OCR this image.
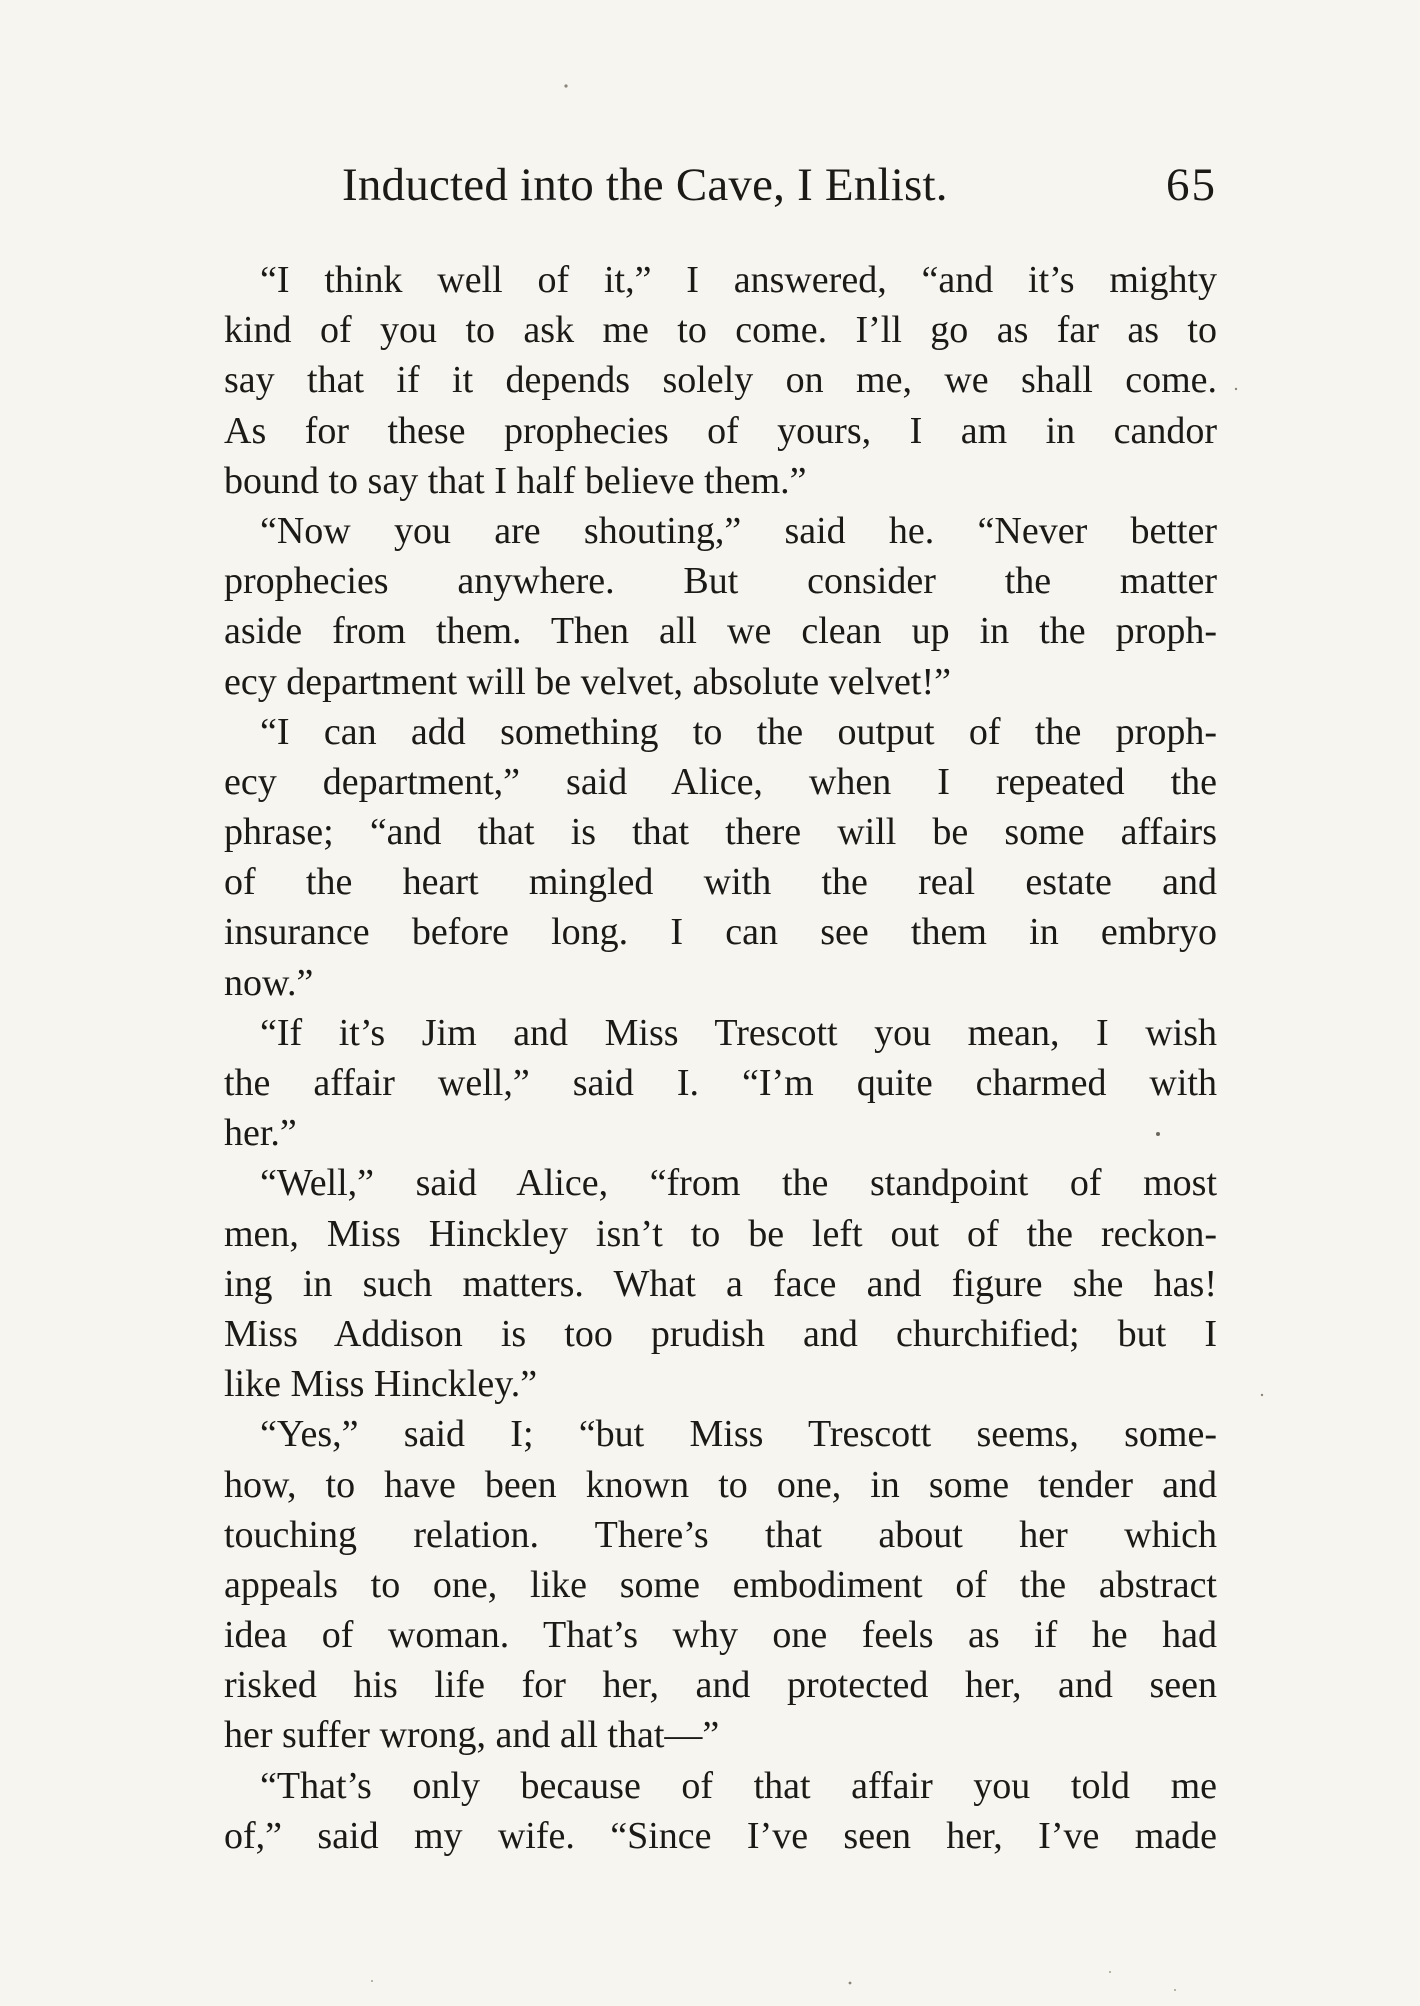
Inducted into the Cave, I Enlist.	65
“I think well of it,” I answered, “and it’s mighty
kind of you to ask me to come. I’ll go as far as to
say that if it depends solely on me, we shall come.
As for these prophecies of yours, I am in candor
bound to say that I half believe them.”
“Now you are shouting,” said he. “Never better
prophecies anywhere. But consider the matter
aside from them. Then all we clean up in the proph-
ecy department will be velvet, absolute velvet!”
“I can add something to the output of the proph-
ecy department,” said Alice, when I repeated the
phrase; “and that is that there will be some affairs
of the heart mingled with the real estate and
insurance before long. I can see them in embryo
now.”
“If it’s Jim and Miss Trescott you mean, I wish
the affair well,” said I. “I’m quite charmed with
her.”
“Well,” said Alice, “from the standpoint of most
men, Miss Hinckley isn’t to be left out of the reckon-
ing in such matters. What a face and figure she has!
Miss Addison is too prudish and churchified; but I
like Miss Hinckley.”
“Yes,” said I; “but Miss Trescott seems, some-
how, to have been known to one, in some tender and
touching relation. There’s that about her which
appeals to one, like some embodiment of the abstract
idea of woman. That’s why one feels as if he had
risked his life for her, and protected her, and seen
her suffer wrong, and all that—”
“That’s only because of that affair you told me
of,” said my wife. “Since I’ve seen her, I’ve made
